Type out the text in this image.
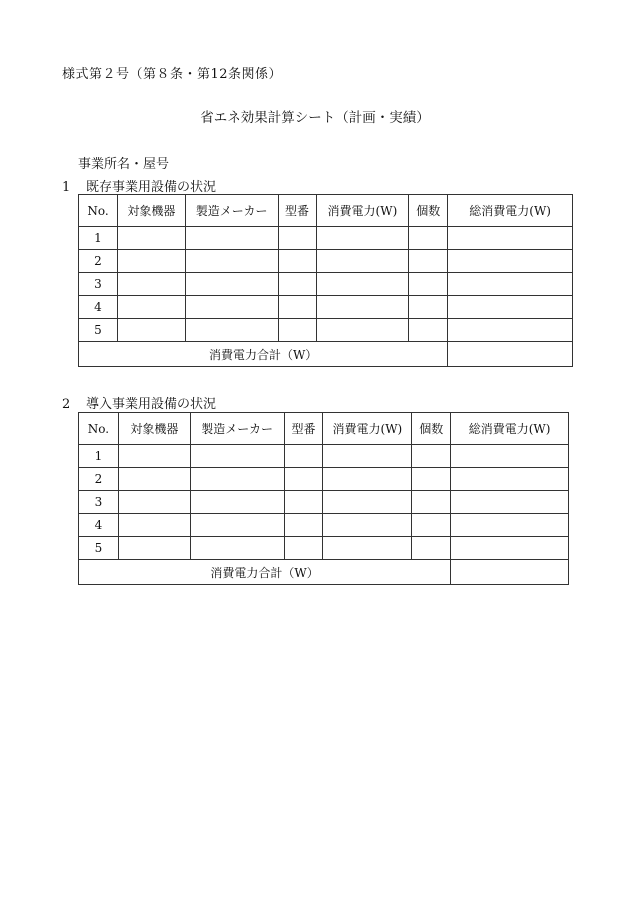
様式第２号（第８条・第12条関係）
省エネ効果計算シート（計画・実績）
事業所名・屋号
1 既存事業用設備の状況
No.	対象機器	製造メーカー	型番	消費電力(W)	個数	総消費電力(W)
1						
2						
3						
4						
5						
消費電力合計（W）						
2 導入事業用設備の状況
No.	対象機器	製造メーカー	型番	消費電力(W)	個数	総消費電力(W)
1						
2						
3						
4						
5						
消費電力合計（W）						
